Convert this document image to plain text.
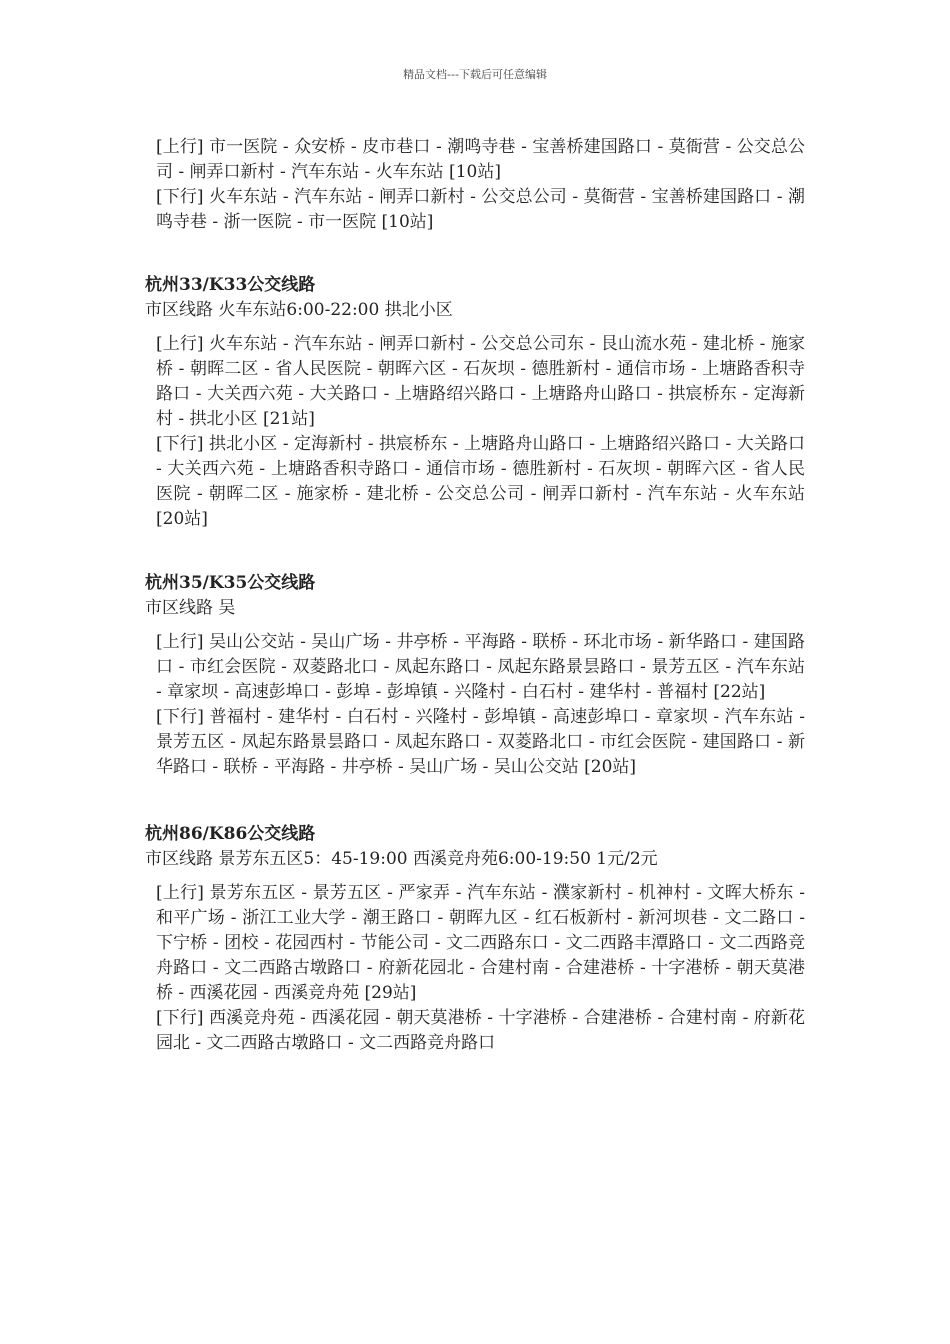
精品文档---下载后可任意编辑

[上行] 市一医院 - 众安桥 - 皮市巷口 - 潮鸣寺巷 - 宝善桥建国路口 - 莫衙营 - 公交总公司 - 闸弄口新村 - 汽车东站 - 火车东站 [10站]

[下行] 火车东站 - 汽车东站 - 闸弄口新村 - 公交总公司 - 莫衙营 - 宝善桥建国路口 - 潮鸣寺巷 - 浙一医院 - 市一医院 [10站]

杭州33/K33公交线路

市区线路 火车东站6:00-22:00 拱北小区

[上行] 火车东站 - 汽车东站 - 闸弄口新村 - 公交总公司东 - 艮山流水苑 - 建北桥 - 施家桥 - 朝晖二区 - 省人民医院 - 朝晖六区 - 石灰坝 - 德胜新村 - 通信市场 - 上塘路香积寺路口 - 大关西六苑 - 大关路口 - 上塘路绍兴路口 - 上塘路舟山路口 - 拱宸桥东 - 定海新村 - 拱北小区 [21站]

[下行] 拱北小区 - 定海新村 - 拱宸桥东 - 上塘路舟山路口 - 上塘路绍兴路口 - 大关路口 - 大关西六苑 - 上塘路香积寺路口 - 通信市场 - 德胜新村 - 石灰坝 - 朝晖六区 - 省人民医院 - 朝晖二区 - 施家桥 - 建北桥 - 公交总公司 - 闸弄口新村 - 汽车东站 - 火车东站 [20站]

杭州35/K35公交线路

市区线路 吴

[上行] 吴山公交站 - 吴山广场 - 井亭桥 - 平海路 - 联桥 - 环北市场 - 新华路口 - 建国路口 - 市红会医院 - 双菱路北口 - 凤起东路口 - 凤起东路景昙路口 - 景芳五区 - 汽车东站 - 章家坝 - 高速彭埠口 - 彭埠 - 彭埠镇 - 兴隆村 - 白石村 - 建华村 - 普福村 [22站]

[下行] 普福村 - 建华村 - 白石村 - 兴隆村 - 彭埠镇 - 高速彭埠口 - 章家坝 - 汽车东站 - 景芳五区 - 凤起东路景昙路口 - 凤起东路口 - 双菱路北口 - 市红会医院 - 建国路口 - 新华路口 - 联桥 - 平海路 - 井亭桥 - 吴山广场 - 吴山公交站 [20站]

杭州86/K86公交线路

市区线路 景芳东五区5：45-19:00 西溪竞舟苑6:00-19:50 1元/2元

[上行] 景芳东五区 - 景芳五区 - 严家弄 - 汽车东站 - 濮家新村 - 机神村 - 文晖大桥东 - 和平广场 - 浙江工业大学 - 潮王路口 - 朝晖九区 - 红石板新村 - 新河坝巷 - 文二路口 - 下宁桥 - 团校 - 花园西村 - 节能公司 - 文二西路东口 - 文二西路丰潭路口 - 文二西路竞舟路口 - 文二西路古墩路口 - 府新花园北 - 合建村南 - 合建港桥 - 十字港桥 - 朝天莫港桥 - 西溪花园 - 西溪竞舟苑 [29站]

[下行] 西溪竞舟苑 - 西溪花园 - 朝天莫港桥 - 十字港桥 - 合建港桥 - 合建村南 - 府新花园北 - 文二西路古墩路口 - 文二西路竞舟路口
